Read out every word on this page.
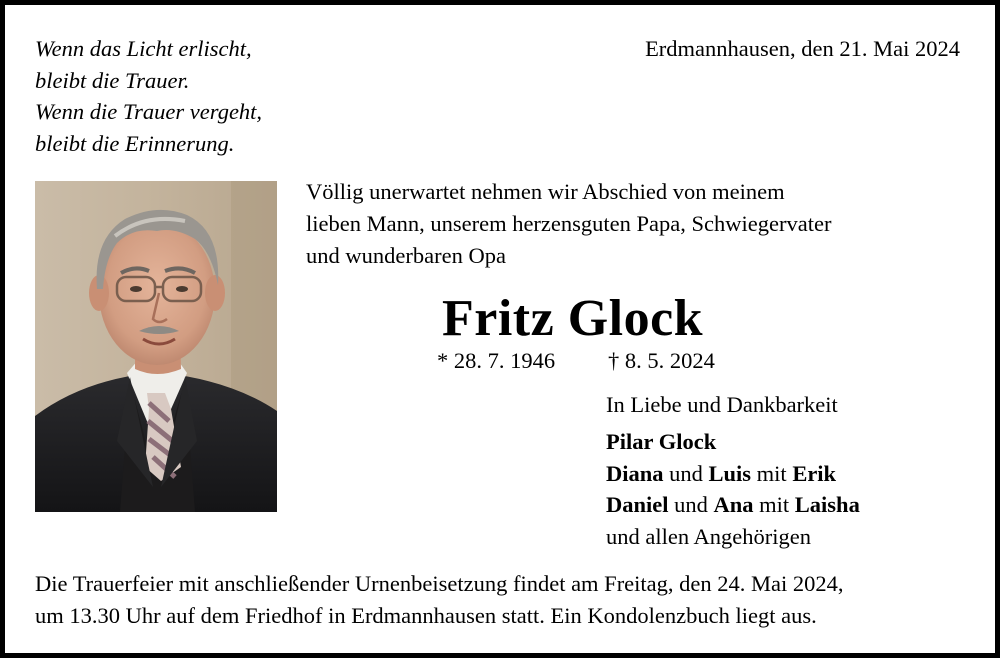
Wenn das Licht erlischt,
bleibt die Trauer.
Wenn die Trauer vergeht,
bleibt die Erinnerung.
Erdmannhausen, den 21. Mai 2024
Völlig unerwartet nehmen wir Abschied von meinem
lieben Mann, unserem herzensguten Papa, Schwiegervater
und wunderbaren Opa
Fritz Glock
* 28. 7. 1946 † 8. 5. 2024
In Liebe und Dankbarkeit
Pilar Glock
Diana und Luis mit Erik
Daniel und Ana mit Laisha
und allen Angehörigen
Die Trauerfeier mit anschließender Urnenbeisetzung findet am Freitag, den 24. Mai 2024,
um 13.30 Uhr auf dem Friedhof in Erdmannhausen statt. Ein Kondolenzbuch liegt aus.
